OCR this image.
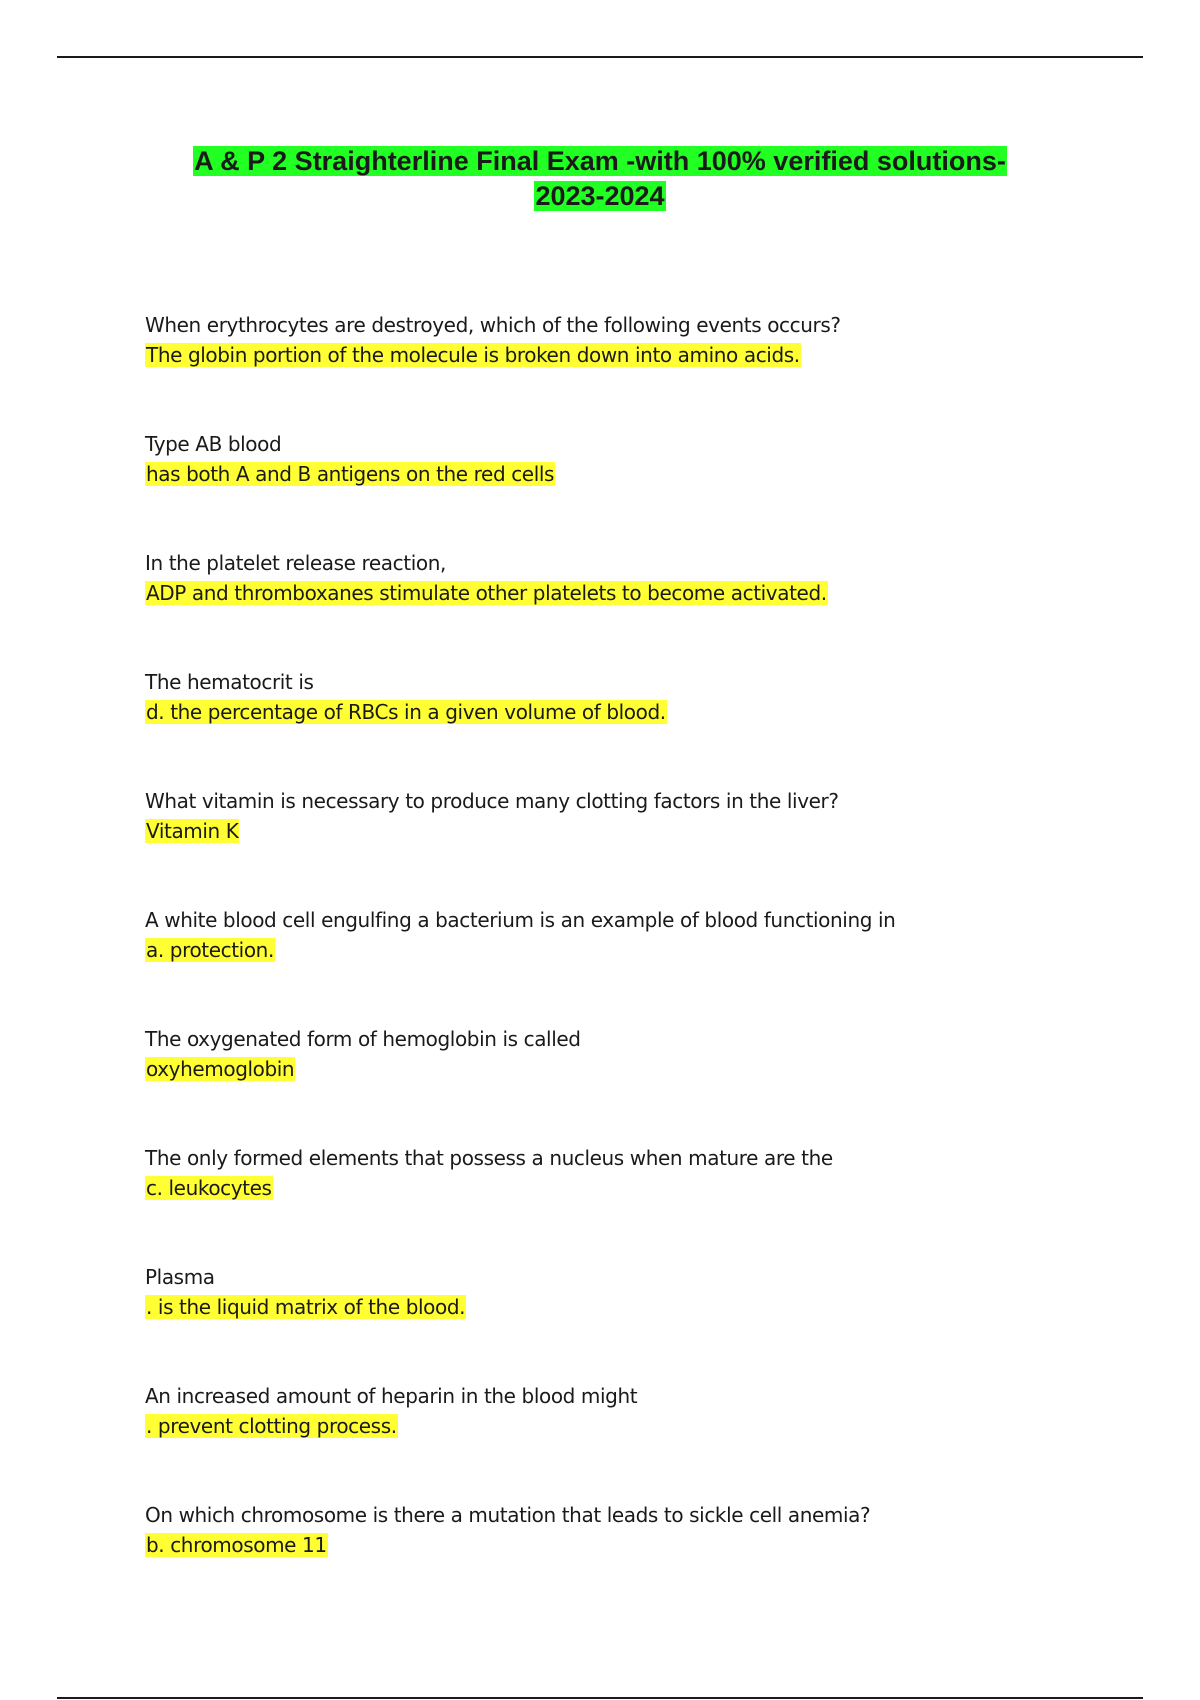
A & P 2 Straighterline Final Exam -with 100% verified solutions-
2023-2024
When erythrocytes are destroyed, which of the following events occurs?
The globin portion of the molecule is broken down into amino acids.
Type AB blood
has both A and B antigens on the red cells
In the platelet release reaction,
ADP and thromboxanes stimulate other platelets to become activated.
The hematocrit is
d. the percentage of RBCs in a given volume of blood.
What vitamin is necessary to produce many clotting factors in the liver?
Vitamin K
A white blood cell engulfing a bacterium is an example of blood functioning in
a. protection.
The oxygenated form of hemoglobin is called
oxyhemoglobin
The only formed elements that possess a nucleus when mature are the
c. leukocytes
Plasma
. is the liquid matrix of the blood.
An increased amount of heparin in the blood might
. prevent clotting process.
On which chromosome is there a mutation that leads to sickle cell anemia?
b. chromosome 11
